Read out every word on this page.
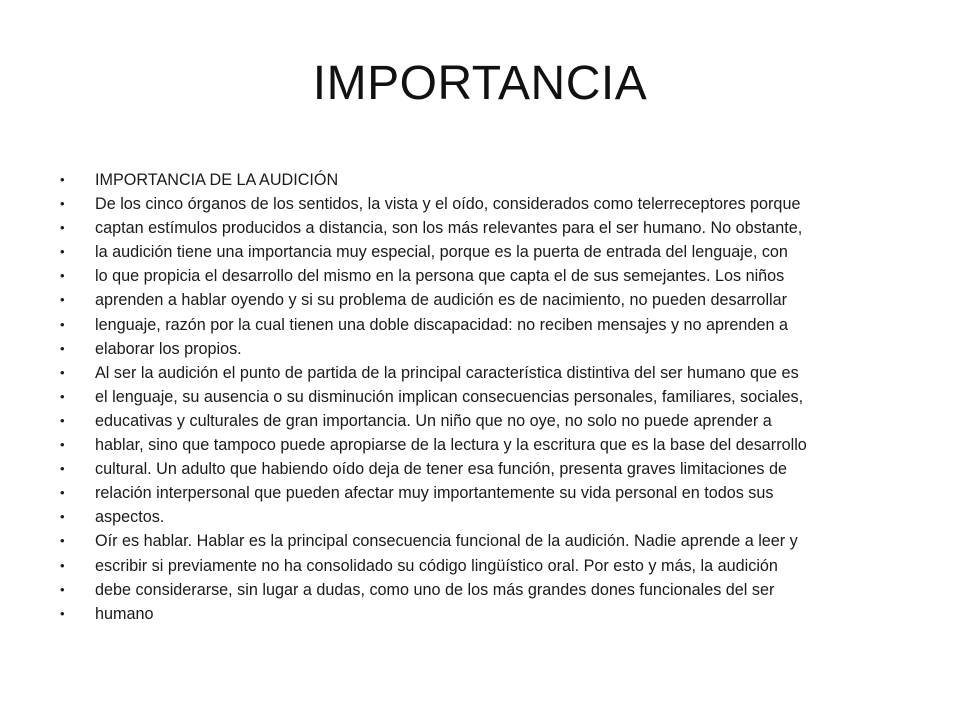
IMPORTANCIA
• IMPORTANCIA DE LA AUDICIÓN
• De los cinco órganos de los sentidos, la vista y el oído, considerados como telerreceptores porque
• captan estímulos producidos a distancia, son los más relevantes para el ser humano. No obstante,
• la audición tiene una importancia muy especial, porque es la puerta de entrada del lenguaje, con
• lo que propicia el desarrollo del mismo en la persona que capta el de sus semejantes. Los niños
• aprenden a hablar oyendo y si su problema de audición es de nacimiento, no pueden desarrollar
• lenguaje, razón por la cual tienen una doble discapacidad: no reciben mensajes y no aprenden a
• elaborar los propios.
• Al ser la audición el punto de partida de la principal característica distintiva del ser humano que es
• el lenguaje, su ausencia o su disminución implican consecuencias personales, familiares, sociales,
• educativas y culturales de gran importancia. Un niño que no oye, no solo no puede aprender a
• hablar, sino que tampoco puede apropiarse de la lectura y la escritura que es la base del desarrollo
• cultural. Un adulto que habiendo oído deja de tener esa función, presenta graves limitaciones de
• relación interpersonal que pueden afectar muy importantemente su vida personal en todos sus
• aspectos.
• Oír es hablar. Hablar es la principal consecuencia funcional de la audición. Nadie aprende a leer y
• escribir si previamente no ha consolidado su código lingüístico oral. Por esto y más, la audición
• debe considerarse, sin lugar a dudas, como uno de los más grandes dones funcionales del ser
• humano
